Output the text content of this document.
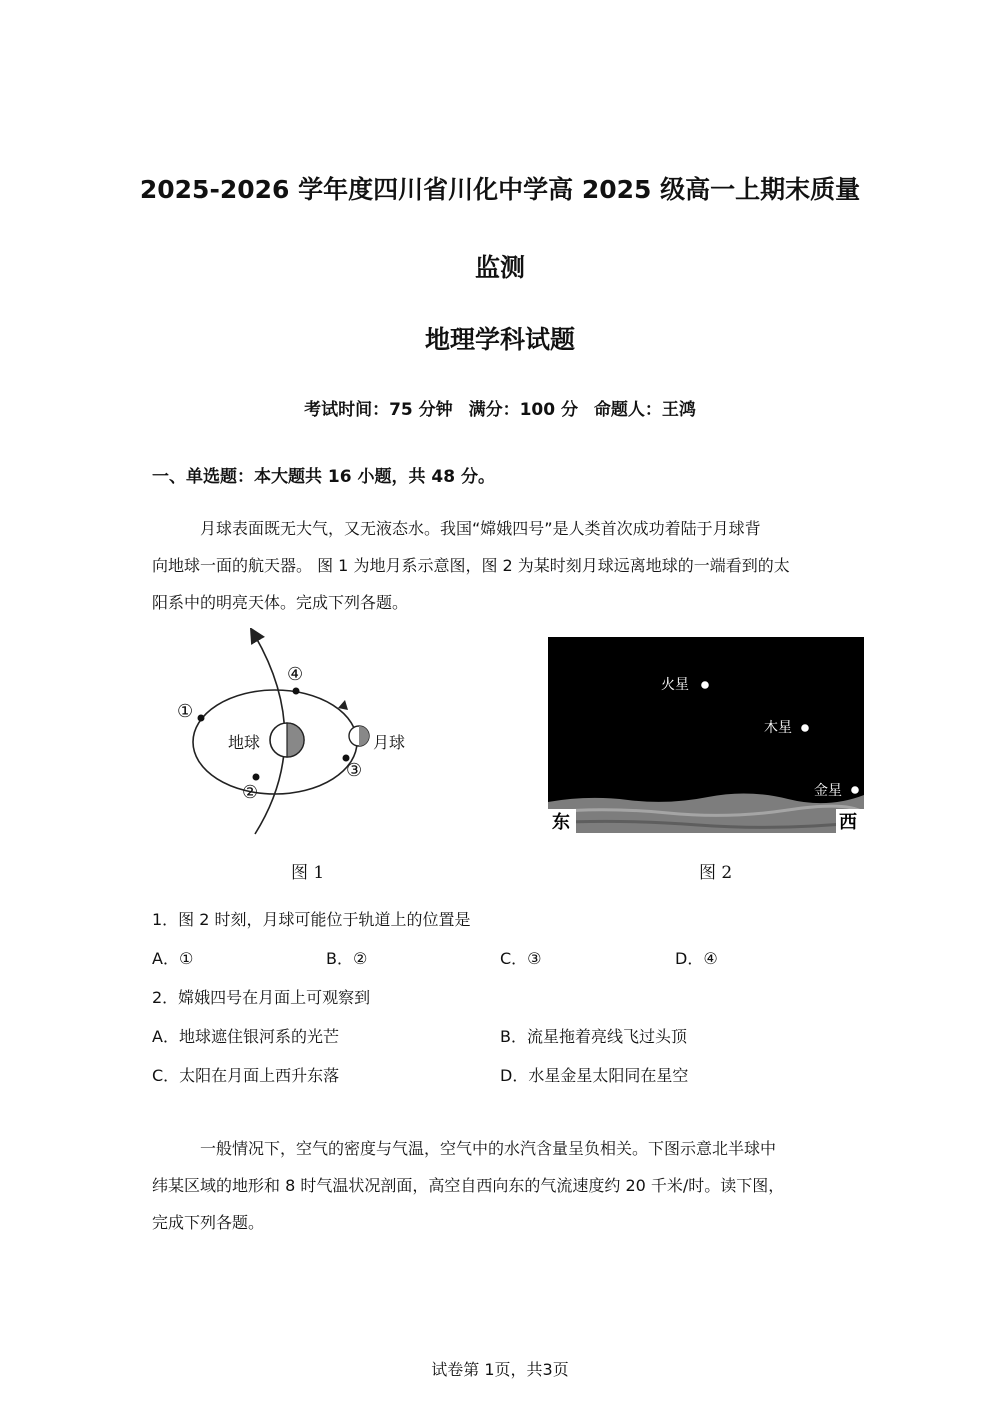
2025-2026 学年度四川省川化中学高 2025 级高一上期末质量
监测
地理学科试题
考试时间：75 分钟 满分：100 分 命题人：王鸿
一、单选题：本大题共 16 小题，共 48 分。
月球表面既无大气，又无液态水。我国“嫦娥四号”是人类首次成功着陆于月球背
向地球一面的航天器。 图 1 为地月系示意图，图 2 为某时刻月球远离地球的一端看到的太
阳系中的明亮天体。完成下列各题。
①
②
③
④
地球	月球
图 1
火星
木星
金星
东	西
图 2
1．图 2 时刻，月球可能位于轨道上的位置是
A．①	B．②	C．③	D．④
2．嫦娥四号在月面上可观察到
A．地球遮住银河系的光芒	B．流星拖着亮线飞过头顶
C．太阳在月面上西升东落	D．水星金星太阳同在星空
一般情况下，空气的密度与气温，空气中的水汽含量呈负相关。下图示意北半球中
纬某区域的地形和 8 时气温状况剖面，高空自西向东的气流速度约 20 千米/时。读下图，
完成下列各题。
试卷第 1页，共3页
